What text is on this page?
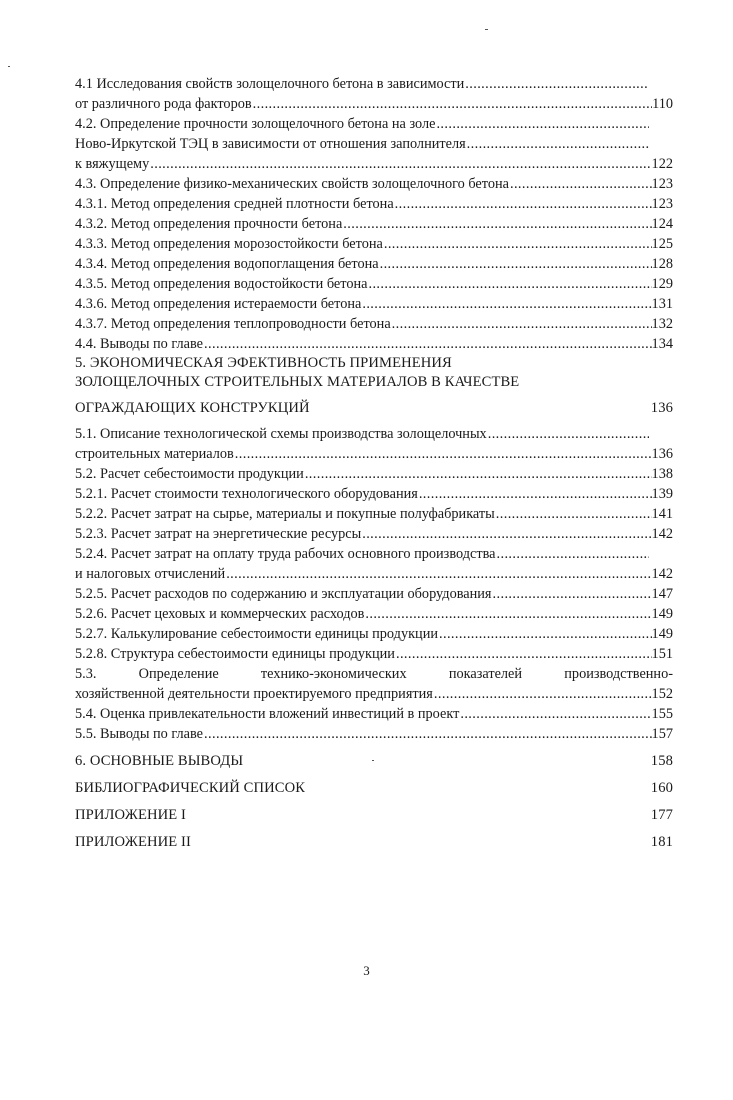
4.1 Исследования свойств золощелочного бетона в зависимости
.....
от различного рода факторов .....	110
4.2. Определение прочности золощелочного бетона на золе
.....
Ново-Иркутской ТЭЦ в зависимости от отношения заполнителя
.....
к вяжущему .....	122
4.3. Определение физико-механических свойств золощелочного бетона .....	123
4.3.1. Метод определения средней плотности бетона .....	123
4.3.2. Метод определения прочности бетона .....	124
4.3.3. Метод определения морозостойкости бетона .....	125
4.3.4. Метод определения водопоглащения бетона .....	128
4.3.5. Метод определения водостойкости бетона .....	129
4.3.6. Метод определения истераемости бетона .....	131
4.3.7. Метод определения теплопроводности бетона .....	132
4.4. Выводы по главе .....	134
5. ЭКОНОМИЧЕСКАЯ ЭФЕКТИВНОСТЬ ПРИМЕНЕНИЯ
ЗОЛОЩЕЛОЧНЫХ СТРОИТЕЛЬНЫХ МАТЕРИАЛОВ В КАЧЕСТВЕ
ОГРАЖДАЮЩИХ КОНСТРУКЦИЙ	136
5.1. Описание технологической схемы производства золощелочных
.....
строительных материалов .....	136
5.2. Расчет себестоимости продукции .....	138
5.2.1. Расчет стоимости технологического оборудования .....	139
5.2.2. Расчет затрат на сырье, материалы и покупные полуфабрикаты .....	141
5.2.3. Расчет затрат на энергетические ресурсы .....	142
5.2.4. Расчет затрат на оплату труда рабочих основного производства
.....
и налоговых отчислений .....	142
5.2.5. Расчет расходов по содержанию и эксплуатации оборудования .....	147
5.2.6. Расчет цеховых и коммерческих расходов .....	149
5.2.7. Калькулирование себестоимости единицы продукции .....	149
5.2.8. Структура себестоимости единицы продукции .....	151
5.3. Определение технико-экономических показателей производственно-
хозяйственной деятельности проектируемого предприятия .....	152
5.4. Оценка привлекательности вложений инвестиций в проект .....	155
5.5. Выводы по главе .....	157
6. ОСНОВНЫЕ ВЫВОДЫ	158
БИБЛИОГРАФИЧЕСКИЙ СПИСОК	160
ПРИЛОЖЕНИЕ I	177
ПРИЛОЖЕНИЕ II	181
3
